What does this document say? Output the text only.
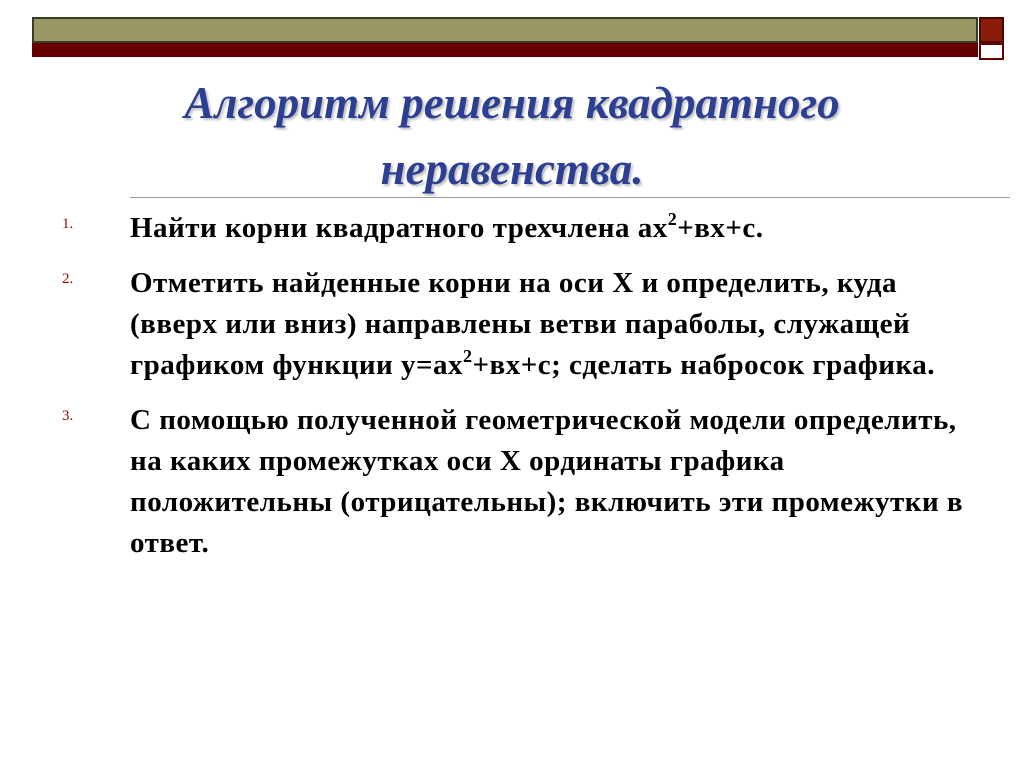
Алгоритм решения квадратного неравенства.
1. Найти корни квадратного трехчлена $ах^2+вх+с$.
2. Отметить найденные корни на оси Х и определить, куда (вверх или вниз) направлены ветви параболы, служащей графиком функции $у=ах^2+вх+с$; сделать набросок графика.
3. С помощью полученной геометрической модели определить, на каких промежутках оси Х ординаты графика положительны (отрицательны); включить эти промежутки в ответ.
